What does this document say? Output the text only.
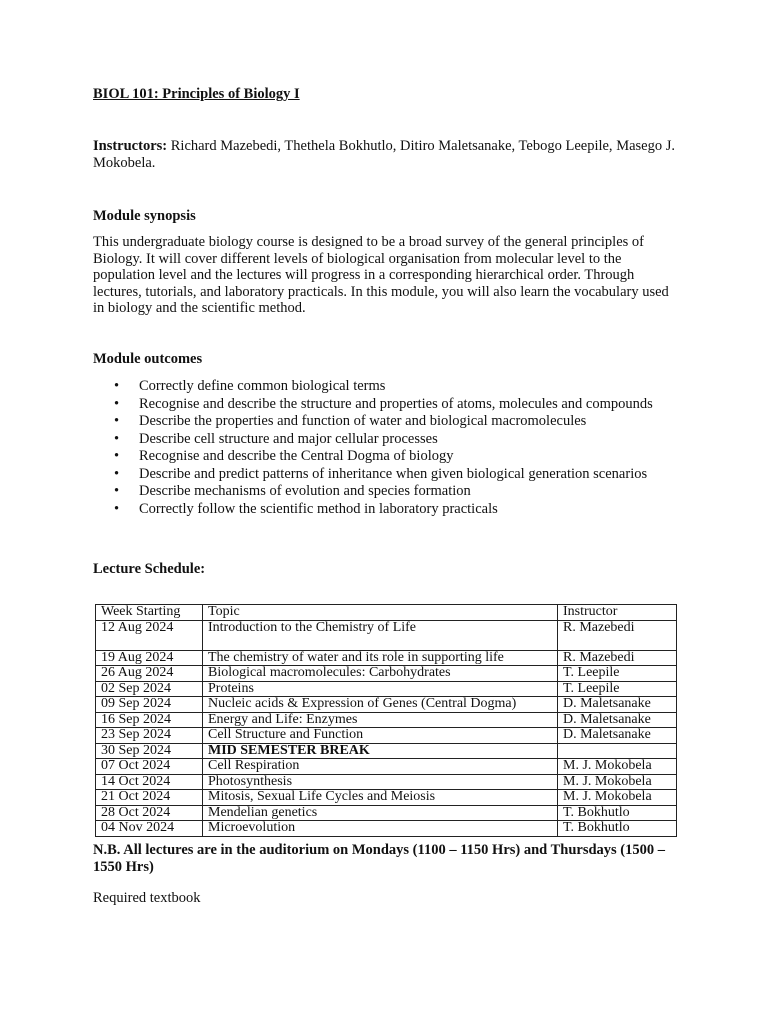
BIOL 101: Principles of Biology I
Instructors: Richard Mazebedi, Thethela Bokhutlo, Ditiro Maletsanake, Tebogo Leepile, Masego J. Mokobela.
Module synopsis
This undergraduate biology course is designed to be a broad survey of the general principles of Biology. It will cover different levels of biological organisation from molecular level to the population level and the lectures will progress in a corresponding hierarchical order. Through lectures, tutorials, and laboratory practicals. In this module, you will also learn the vocabulary used in biology and the scientific method.
Module outcomes
• Correctly define common biological terms
• Recognise and describe the structure and properties of atoms, molecules and compounds
• Describe the properties and function of water and biological macromolecules
• Describe cell structure and major cellular processes
• Recognise and describe the Central Dogma of biology
• Describe and predict patterns of inheritance when given biological generation scenarios
• Describe mechanisms of evolution and species formation
• Correctly follow the scientific method in laboratory practicals
Lecture Schedule:
Week Starting	Topic	Instructor
12 Aug 2024	Introduction to the Chemistry of Life	R. Mazebedi
19 Aug 2024	The chemistry of water and its role in supporting life	R. Mazebedi
26 Aug 2024	Biological macromolecules: Carbohydrates	T. Leepile
02 Sep 2024	Proteins	T. Leepile
09 Sep 2024	Nucleic acids & Expression of Genes (Central Dogma)	D. Maletsanake
16 Sep 2024	Energy and Life: Enzymes	D. Maletsanake
23 Sep 2024	Cell Structure and Function	D. Maletsanake
30 Sep 2024	MID SEMESTER BREAK	
07 Oct 2024	Cell Respiration	M. J. Mokobela
14 Oct 2024	Photosynthesis	M. J. Mokobela
21 Oct 2024	Mitosis, Sexual Life Cycles and Meiosis	M. J. Mokobela
28 Oct 2024	Mendelian genetics	T. Bokhutlo
04 Nov 2024	Microevolution	T. Bokhutlo
N.B. All lectures are in the auditorium on Mondays (1100 – 1150 Hrs) and Thursdays (1500 – 1550 Hrs)
Required textbook
